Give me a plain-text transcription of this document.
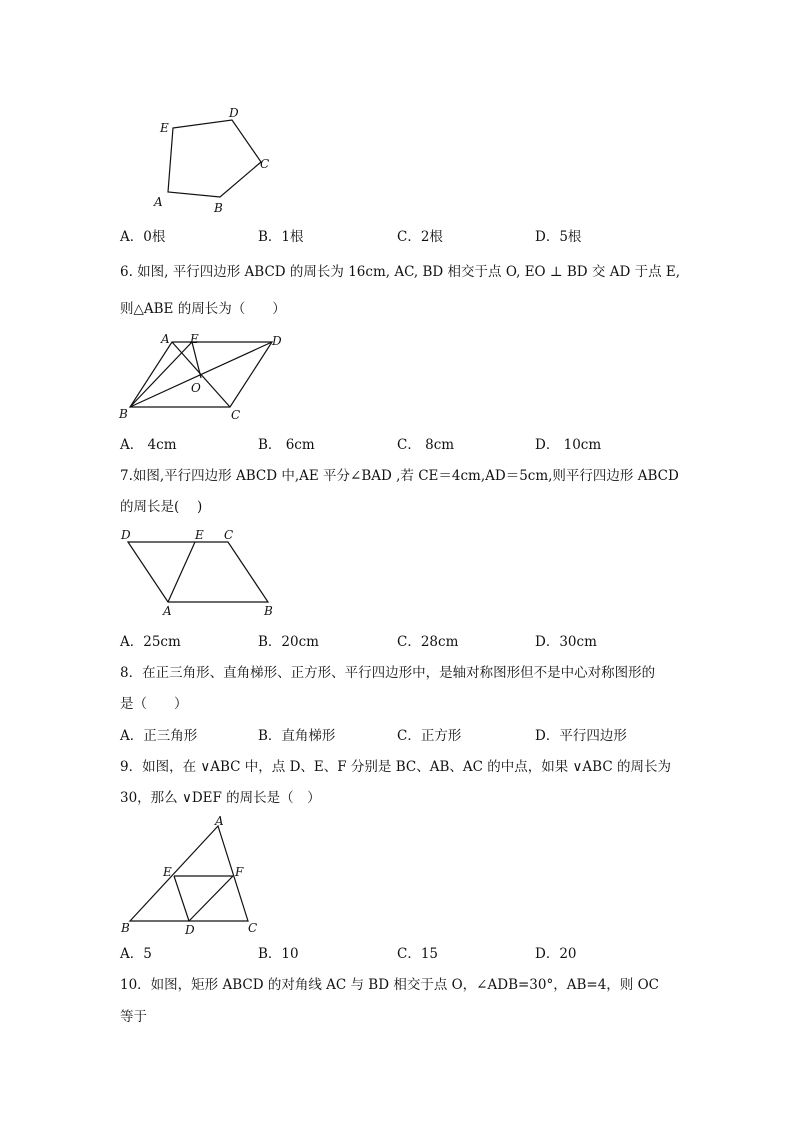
E
D
C
A	B
A．0根	B．1根	C．2根	D．5根
6. 如图, 平行四边形 ABCD 的周长为 16cm, AC, BD 相交于点 O, EO ⊥ BD 交 AD 于点 E,
则△ABE 的周长为（　　）
A E	D
O
B	C
A． 4cm	B． 6cm	C． 8cm	D． 10cm
7.如图,平行四边形 ABCD 中,AE 平分∠BAD ,若 CE＝4cm,AD＝5cm,则平行四边形 ABCD
的周长是(　 )
D	E C
A	B
A．25cm	B．20cm	C．28cm	D．30cm
8．在正三角形、直角梯形、正方形、平行四边形中，是轴对称图形但不是中心对称图形的
是（　　）
A．正三角形	B．直角梯形	C．正方形	D．平行四边形
9．如图，在 ∨ABC 中，点 D、E、F 分别是 BC、AB、AC 的中点，如果 ∨ABC 的周长为
30，那么 ∨DEF 的周长是（　）
A
E	F
B	D	C
A．5	B．10	C．15	D．20
10．如图，矩形 ABCD 的对角线 AC 与 BD 相交于点 O，∠ADB=30°，AB=4，则 OC
等于
